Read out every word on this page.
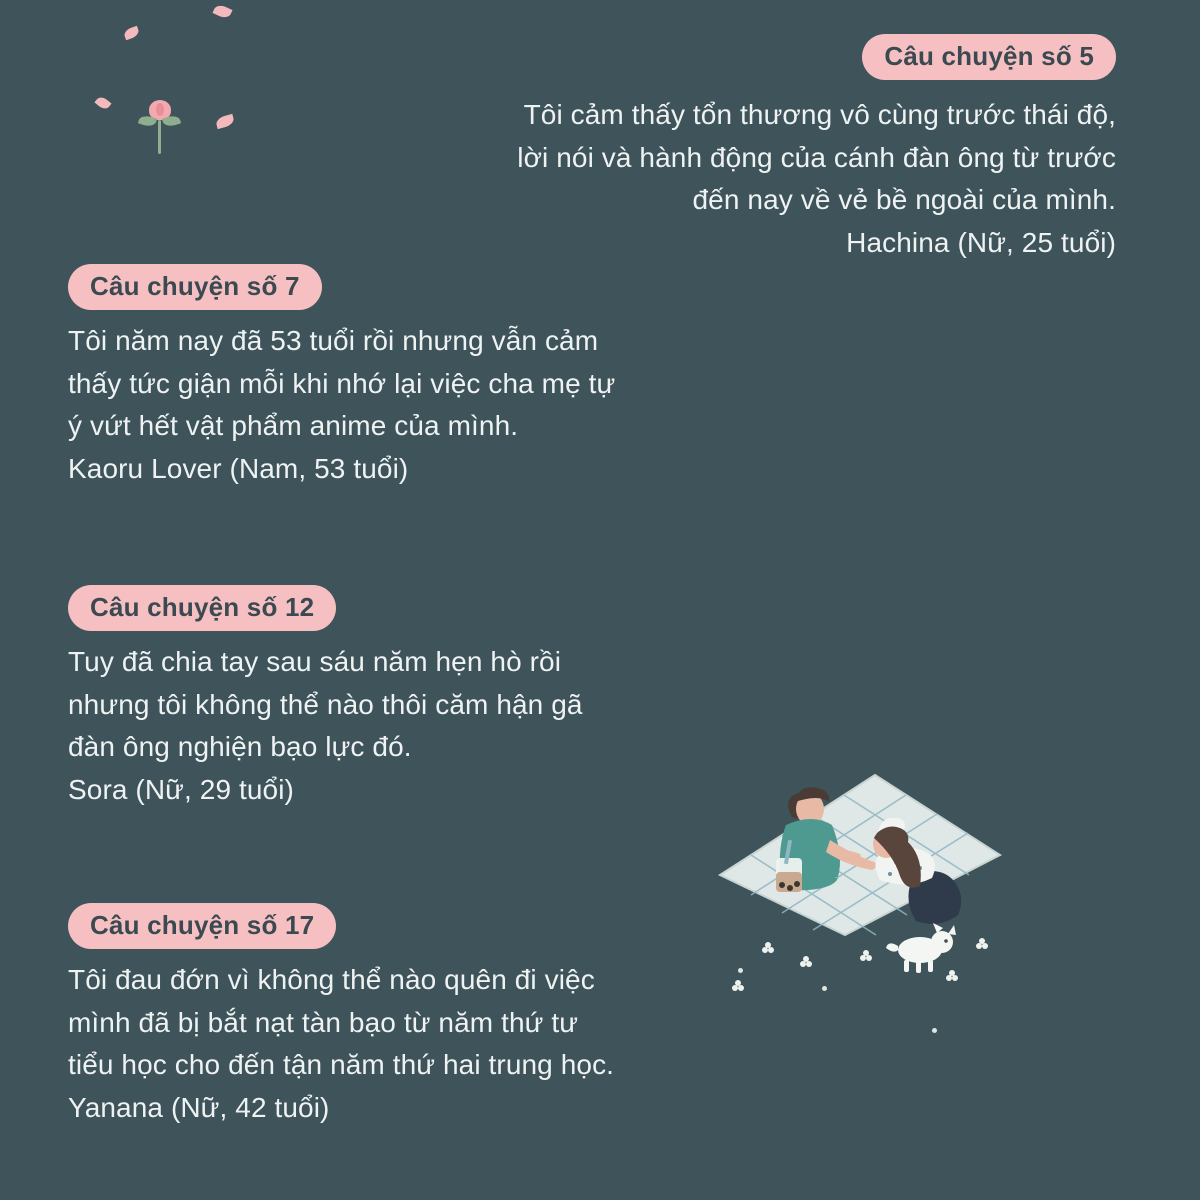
Câu chuyện số 5
Tôi cảm thấy tổn thương vô cùng trước thái độ,
lời nói và hành động của cánh đàn ông từ trước
đến nay về vẻ bề ngoài của mình.
Hachina (Nữ, 25 tuổi)
Câu chuyện số 7
Tôi năm nay đã 53 tuổi rồi nhưng vẫn cảm
thấy tức giận mỗi khi nhớ lại việc cha mẹ tự
ý vứt hết vật phẩm anime của mình.
Kaoru Lover (Nam, 53 tuổi)
Câu chuyện số 12
Tuy đã chia tay sau sáu năm hẹn hò rồi
nhưng tôi không thể nào thôi căm hận gã
đàn ông nghiện bạo lực đó.
Sora (Nữ, 29 tuổi)
Câu chuyện số 17
Tôi đau đớn vì không thể nào quên đi việc
mình đã bị bắt nạt tàn bạo từ năm thứ tư
tiểu học cho đến tận năm thứ hai trung học.
Yanana (Nữ, 42 tuổi)
